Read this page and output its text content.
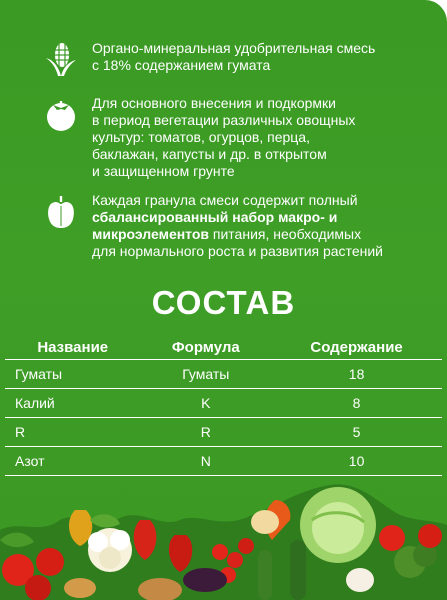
Органо-минеральная удобрительная смесь
с 18% содержанием гумата
Для основного внесения и подкормки
в период вегетации различных овощных
культур: томатов, огурцов, перца,
баклажан, капусты и др. в открытом
и защищенном грунте
Каждая гранула смеси содержит полный
сбалансированный набор макро- и
микроэлементов питания, необходимых
для нормального роста и развития растений
СОСТАВ
Название	Формула	Содержание
Гуматы	Гуматы	18
Калий	K	8
R	R	5
Азот	N	10
